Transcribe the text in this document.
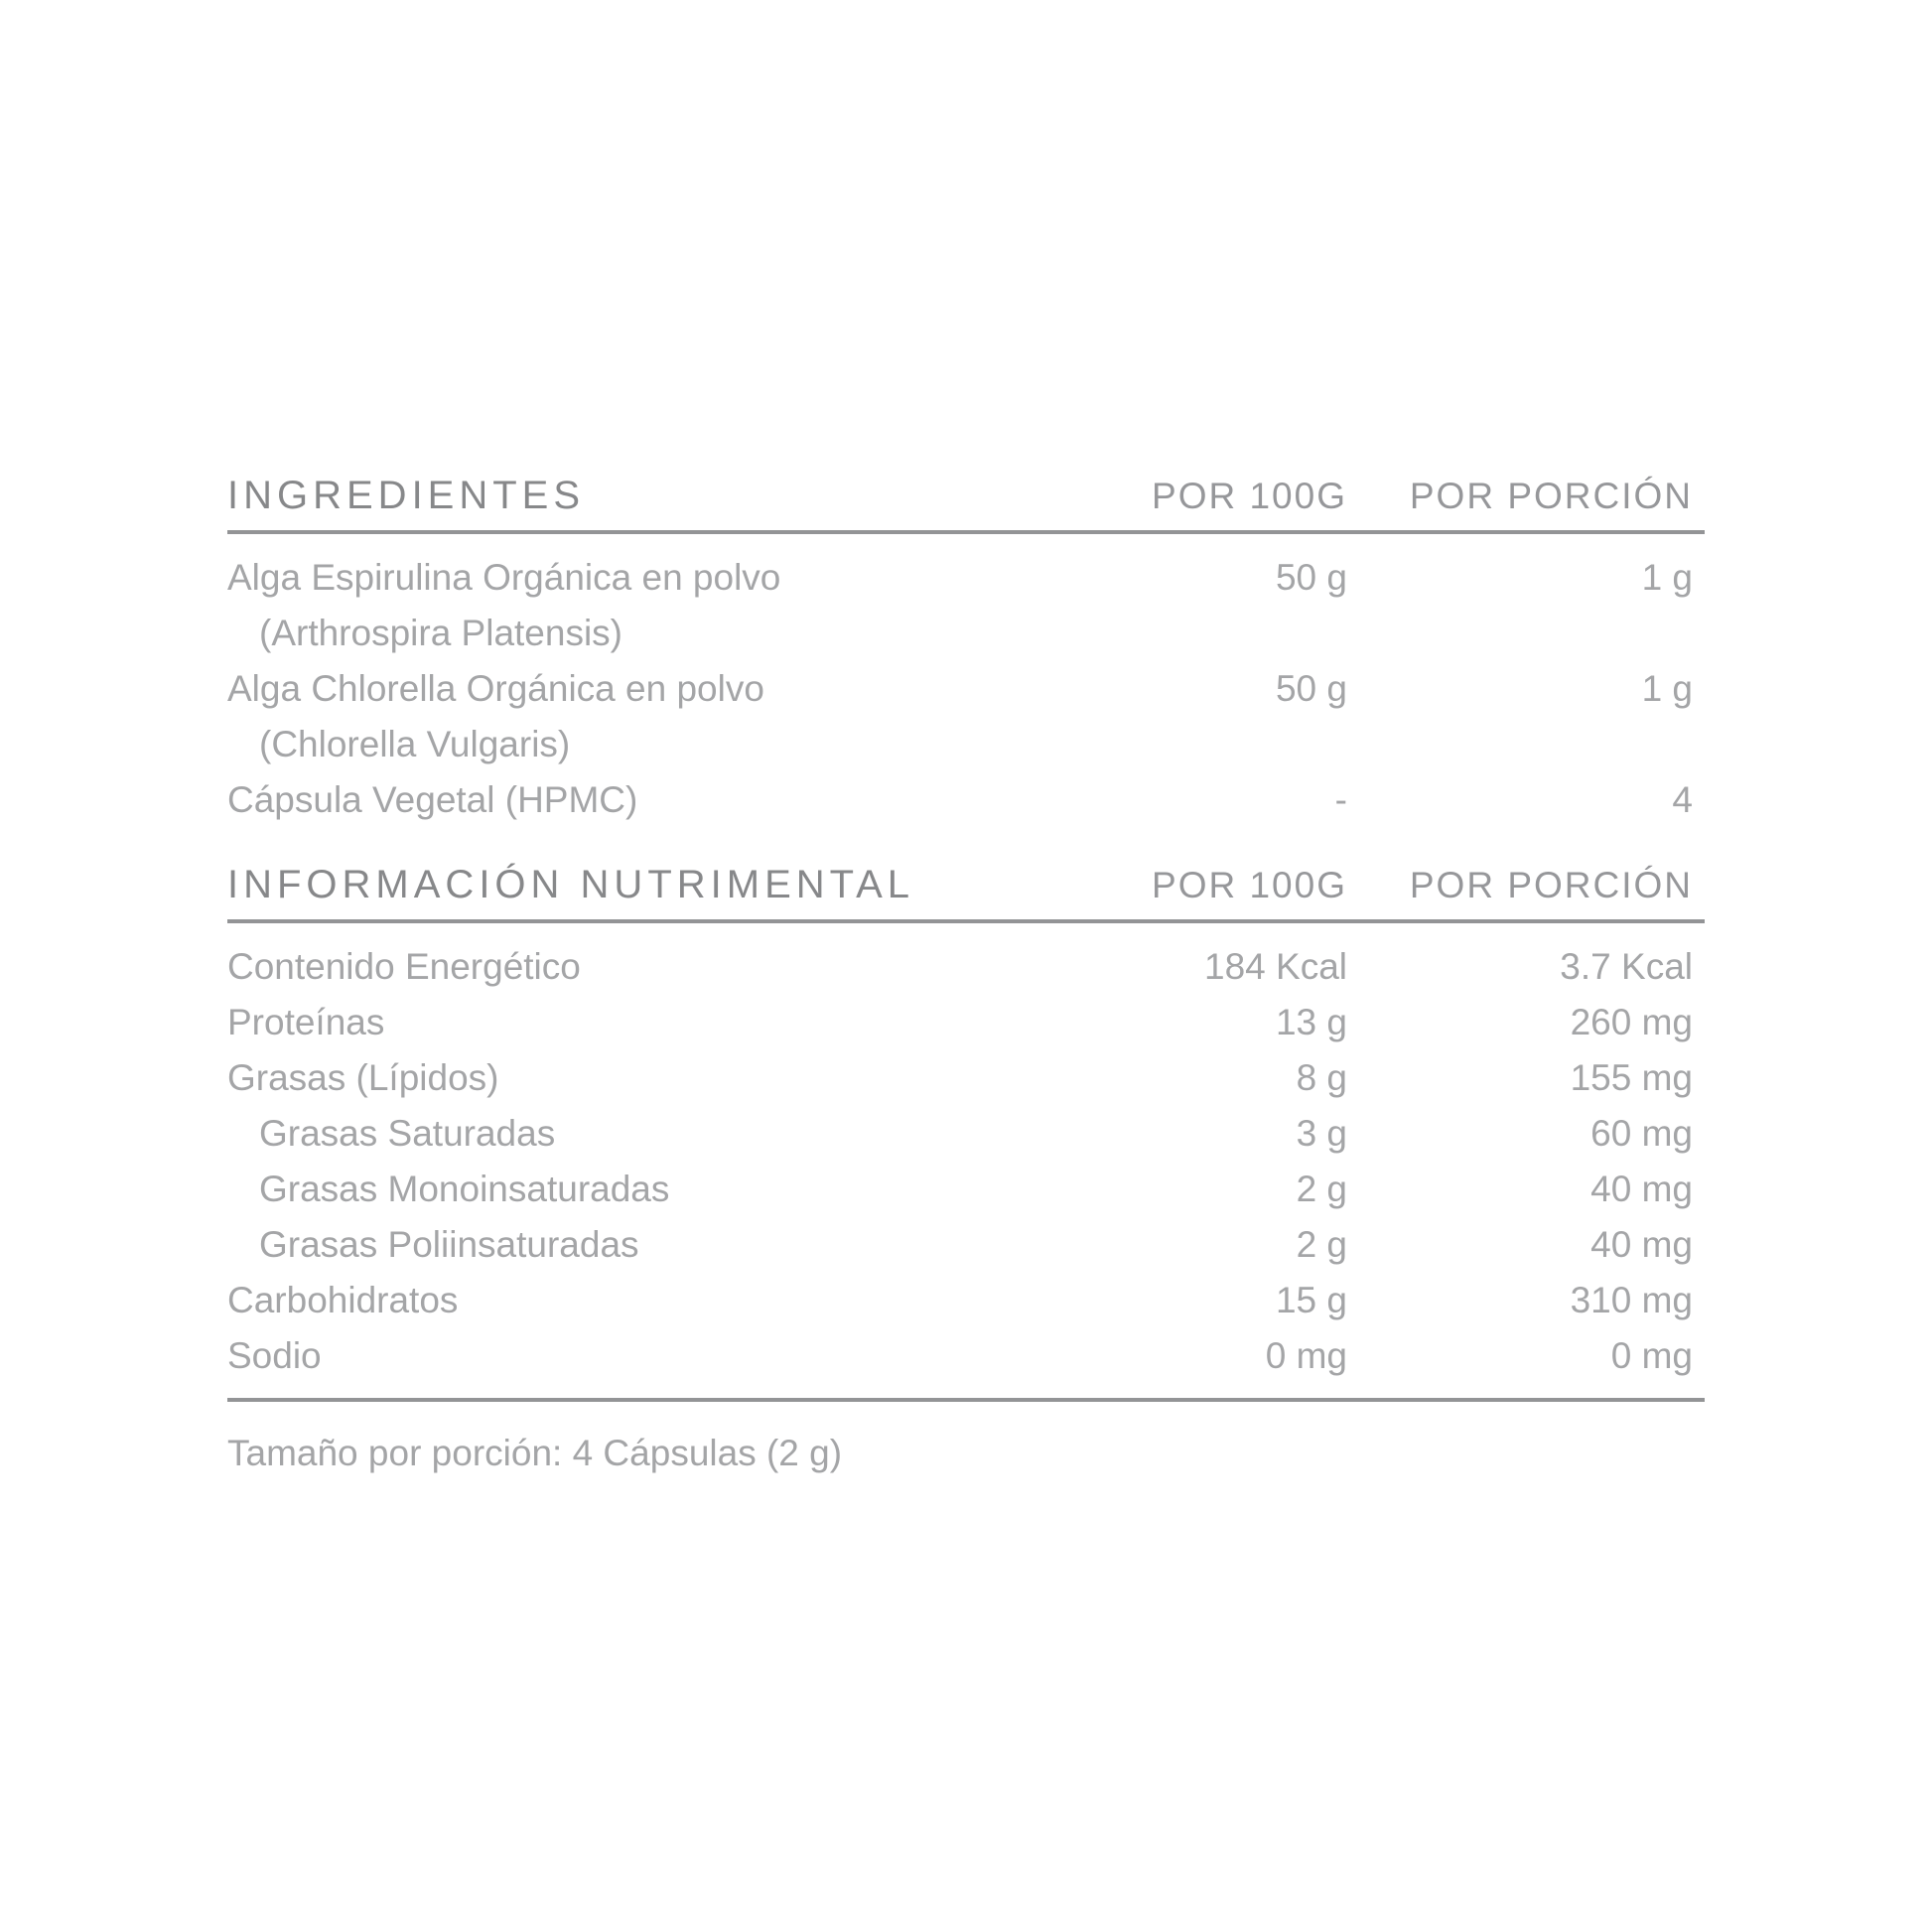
INGREDIENTES	POR 100G	POR PORCIÓN
Alga Espirulina Orgánica en polvo	50 g	1 g
(Arthrospira Platensis)
Alga Chlorella Orgánica en polvo	50 g	1 g
(Chlorella Vulgaris)
Cápsula Vegetal (HPMC)	-	4
INFORMACIÓN NUTRIMENTAL	POR 100G	POR PORCIÓN
Contenido Energético	184 Kcal	3.7 Kcal
Proteínas	13 g	260 mg
Grasas (Lípidos)	8 g	155 mg
Grasas Saturadas	3 g	60 mg
Grasas Monoinsaturadas	2 g	40 mg
Grasas Poliinsaturadas	2 g	40 mg
Carbohidratos	15 g	310 mg
Sodio	0 mg	0 mg
Tamaño por porción: 4 Cápsulas (2 g)
